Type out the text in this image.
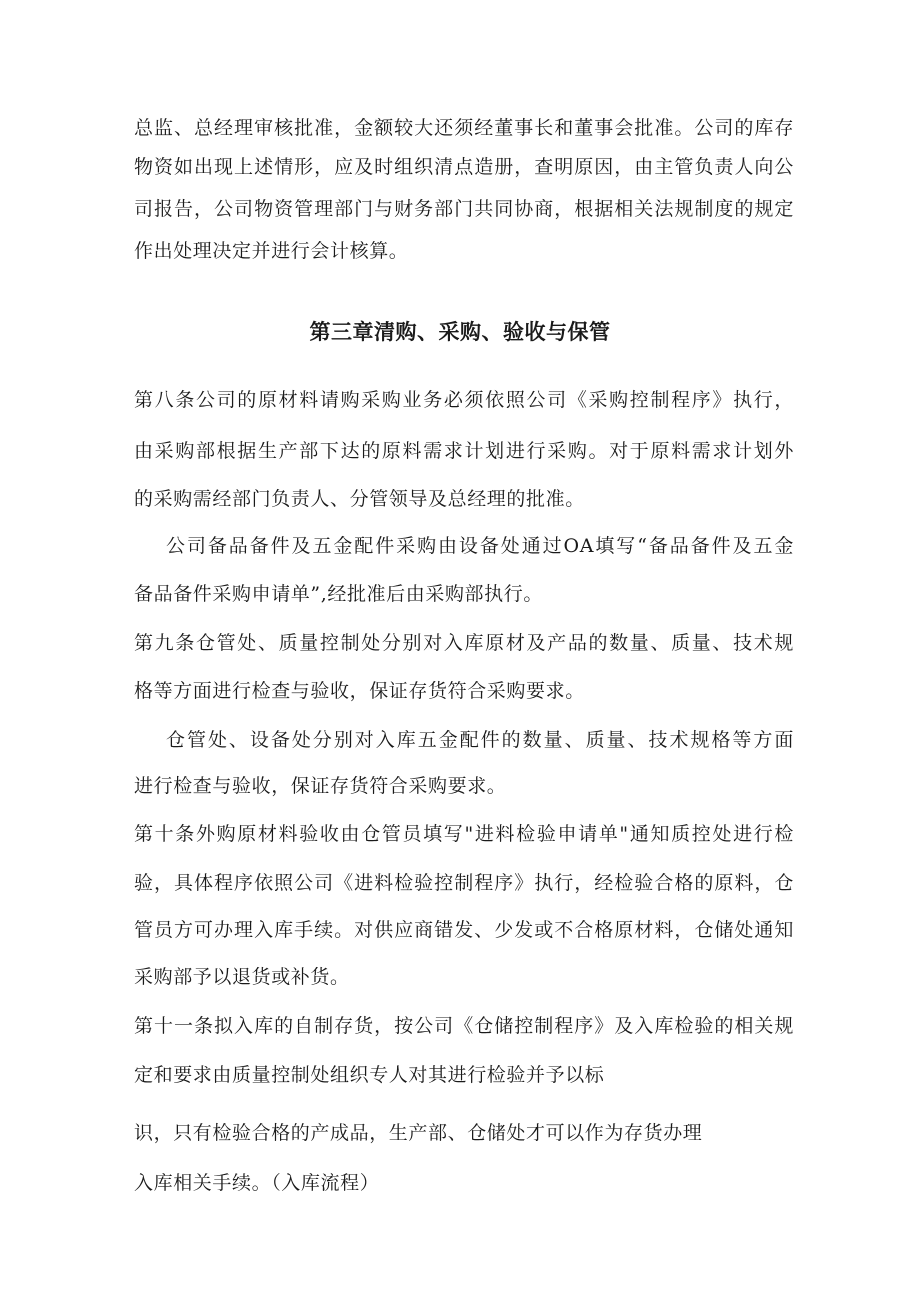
总监、总经理审核批准，金额较大还须经董事长和董事会批准。公司的库存
物资如出现上述情形，应及时组织清点造册，查明原因，由主管负责人向公
司报告，公司物资管理部门与财务部门共同协商，根据相关法规制度的规定
作出处理决定并进行会计核算。
第三章清购、采购、验收与保管
第八条公司的原材料请购采购业务必须依照公司《采购控制程序》执行，
由采购部根据生产部下达的原料需求计划进行采购。对于原料需求计划外
的采购需经部门负责人、分管领导及总经理的批准。
公司备品备件及五金配件采购由设备处通过OA填写“备品备件及五金
备品备件采购申请单”,经批准后由采购部执行。
第九条仓管处、质量控制处分别对入库原材及产品的数量、质量、技术规
格等方面进行检查与验收，保证存货符合采购要求。
仓管处、设备处分别对入库五金配件的数量、质量、技术规格等方面
进行检查与验收，保证存货符合采购要求。
第十条外购原材料验收由仓管员填写"进料检验申请单"通知质控处进行检
验，具体程序依照公司《进料检验控制程序》执行，经检验合格的原料，仓
管员方可办理入库手续。对供应商错发、少发或不合格原材料，仓储处通知
采购部予以退货或补货。
第十一条拟入库的自制存货，按公司《仓储控制程序》及入库检验的相关规
定和要求由质量控制处组织专人对其进行检验并予以标
识，只有检验合格的产成品，生产部、仓储处才可以作为存货办理
入库相关手续。（入库流程）
